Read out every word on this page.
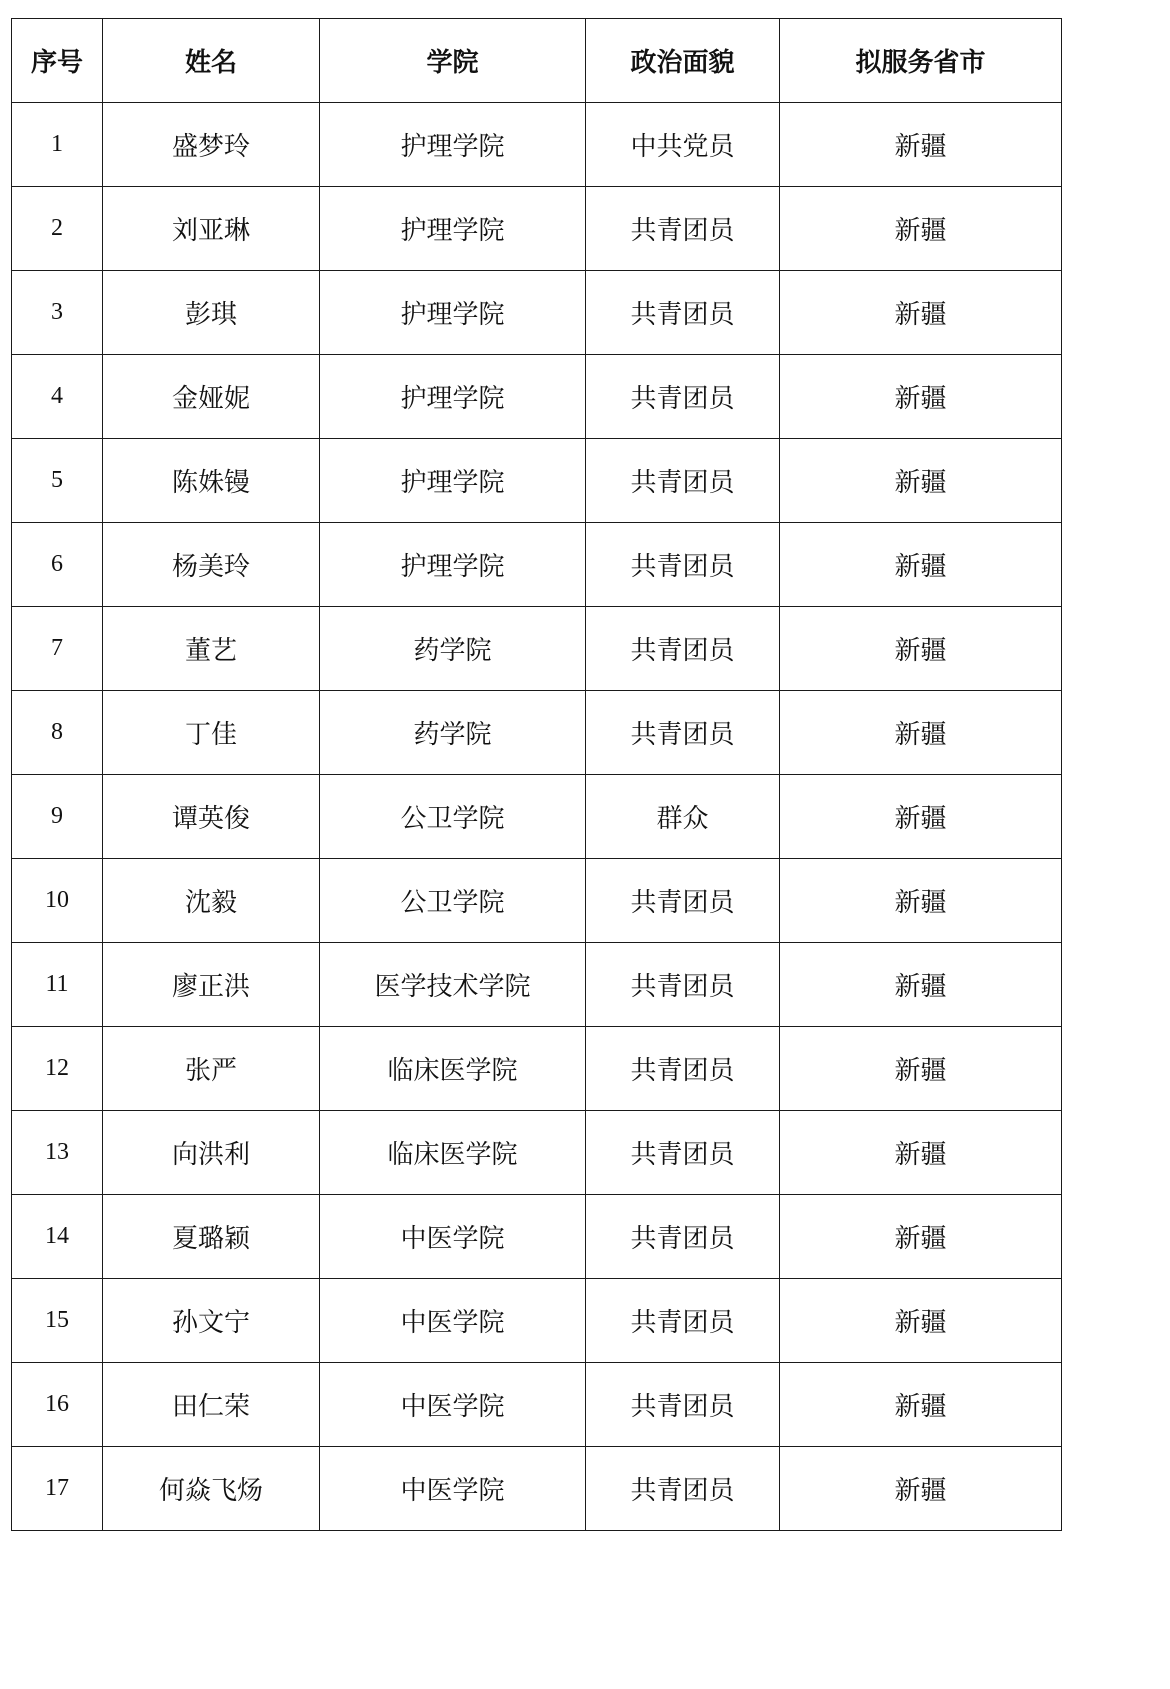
序号	姓名	学院	政治面貌	拟服务省市
1	盛梦玲	护理学院	中共党员	新疆
2	刘亚琳	护理学院	共青团员	新疆
3	彭琪	护理学院	共青团员	新疆
4	金娅妮	护理学院	共青团员	新疆
5	陈姝镘	护理学院	共青团员	新疆
6	杨美玲	护理学院	共青团员	新疆
7	董艺	药学院	共青团员	新疆
8	丁佳	药学院	共青团员	新疆
9	谭英俊	公卫学院	群众	新疆
10	沈毅	公卫学院	共青团员	新疆
11	廖正洪	医学技术学院	共青团员	新疆
12	张严	临床医学院	共青团员	新疆
13	向洪利	临床医学院	共青团员	新疆
14	夏璐颖	中医学院	共青团员	新疆
15	孙文宁	中医学院	共青团员	新疆
16	田仁荣	中医学院	共青团员	新疆
17	何焱飞炀	中医学院	共青团员	新疆
